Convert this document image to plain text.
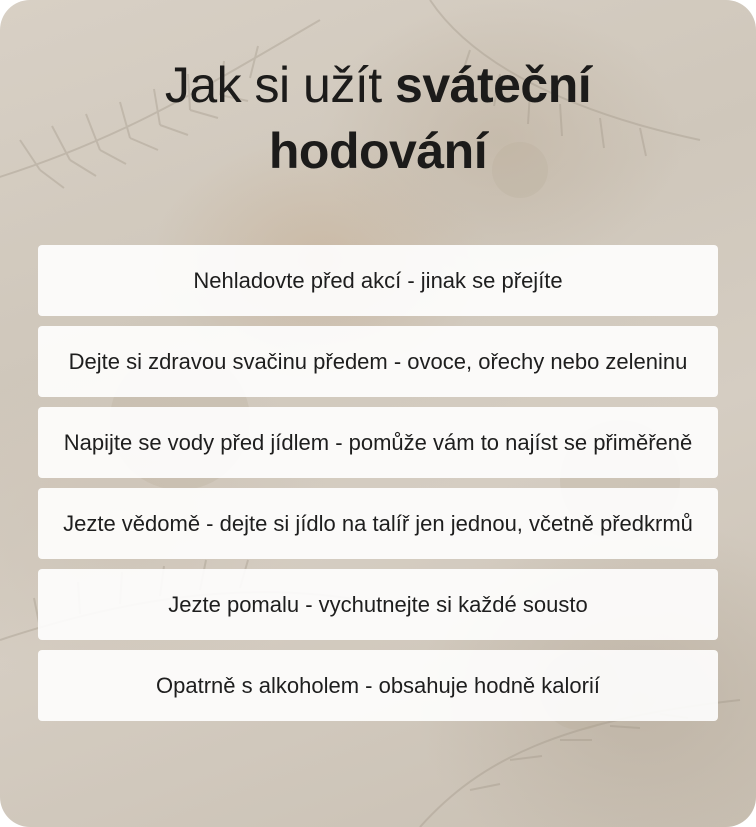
Jak si užít sváteční
hodování
Nehladovte před akcí - jinak se přejíte
Dejte si zdravou svačinu předem - ovoce, ořechy nebo zeleninu
Napijte se vody před jídlem - pomůže vám to najíst se přiměřeně
Jezte vědomě - dejte si jídlo na talíř jen jednou, včetně předkrmů
Jezte pomalu - vychutnejte si každé sousto
Opatrně s alkoholem - obsahuje hodně kalorií
